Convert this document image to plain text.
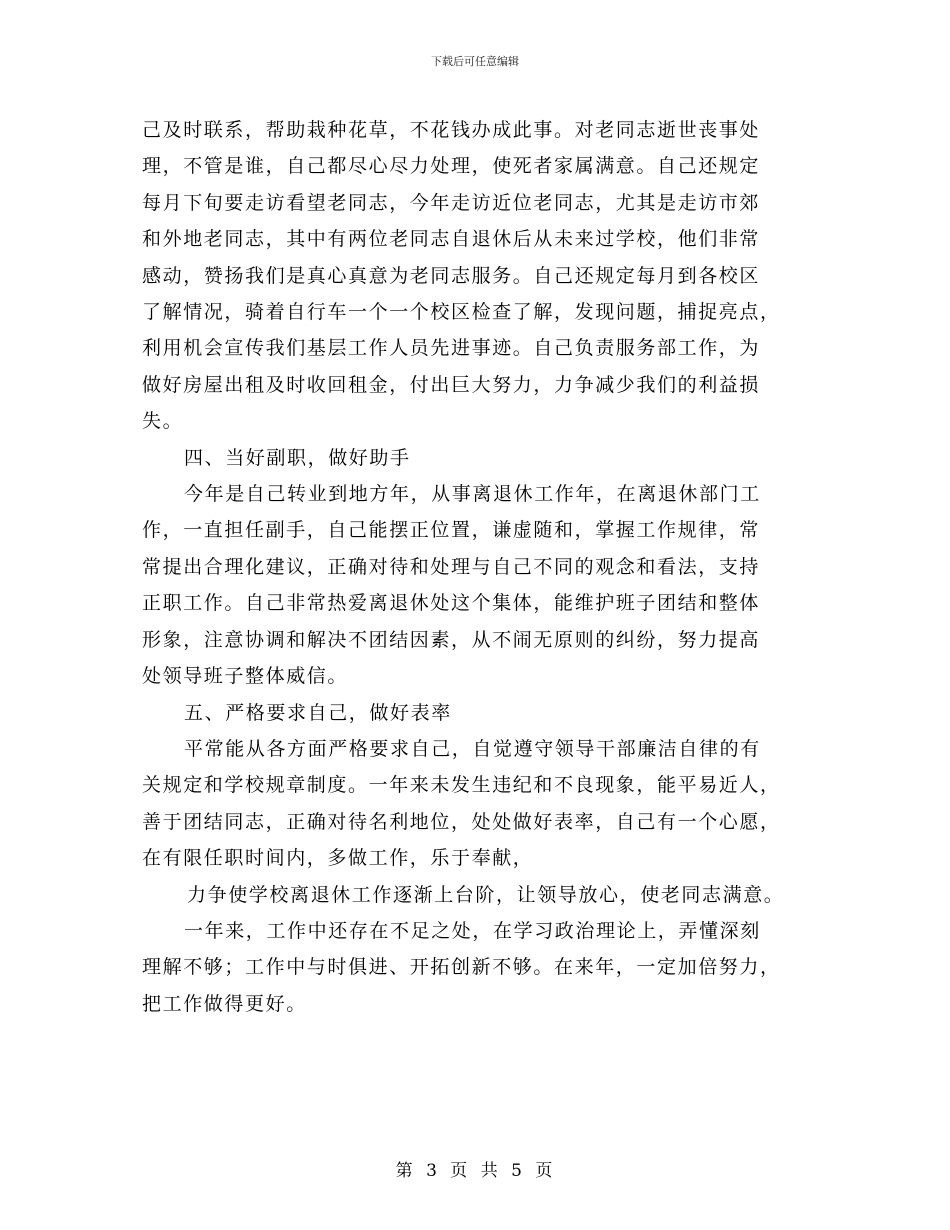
下载后可任意编辑
己及时联系，帮助栽种花草，不花钱办成此事。对老同志逝世丧事处
理，不管是谁，自己都尽心尽力处理，使死者家属满意。自己还规定
每月下旬要走访看望老同志，今年走访近位老同志，尤其是走访市郊
和外地老同志，其中有两位老同志自退休后从未来过学校，他们非常
感动，赞扬我们是真心真意为老同志服务。自己还规定每月到各校区
了解情况，骑着自行车一个一个校区检查了解，发现问题，捕捉亮点，
利用机会宣传我们基层工作人员先进事迹。自己负责服务部工作，为
做好房屋出租及时收回租金，付出巨大努力，力争减少我们的利益损
失。
四、当好副职，做好助手
今年是自己转业到地方年，从事离退休工作年，在离退休部门工
作，一直担任副手，自己能摆正位置，谦虚随和，掌握工作规律，常
常提出合理化建议，正确对待和处理与自己不同的观念和看法，支持
正职工作。自己非常热爱离退休处这个集体，能维护班子团结和整体
形象，注意协调和解决不团结因素，从不闹无原则的纠纷，努力提高
处领导班子整体威信。
五、严格要求自己，做好表率
平常能从各方面严格要求自己，自觉遵守领导干部廉洁自律的有
关规定和学校规章制度。一年来未发生违纪和不良现象，能平易近人，
善于团结同志，正确对待名利地位，处处做好表率，自己有一个心愿，
在有限任职时间内，多做工作，乐于奉献，
力争使学校离退休工作逐渐上台阶，让领导放心，使老同志满意。
一年来，工作中还存在不足之处，在学习政治理论上，弄懂深刻
理解不够；工作中与时俱进、开拓创新不够。在来年，一定加倍努力，
把工作做得更好。
第 3 页 共 5 页
